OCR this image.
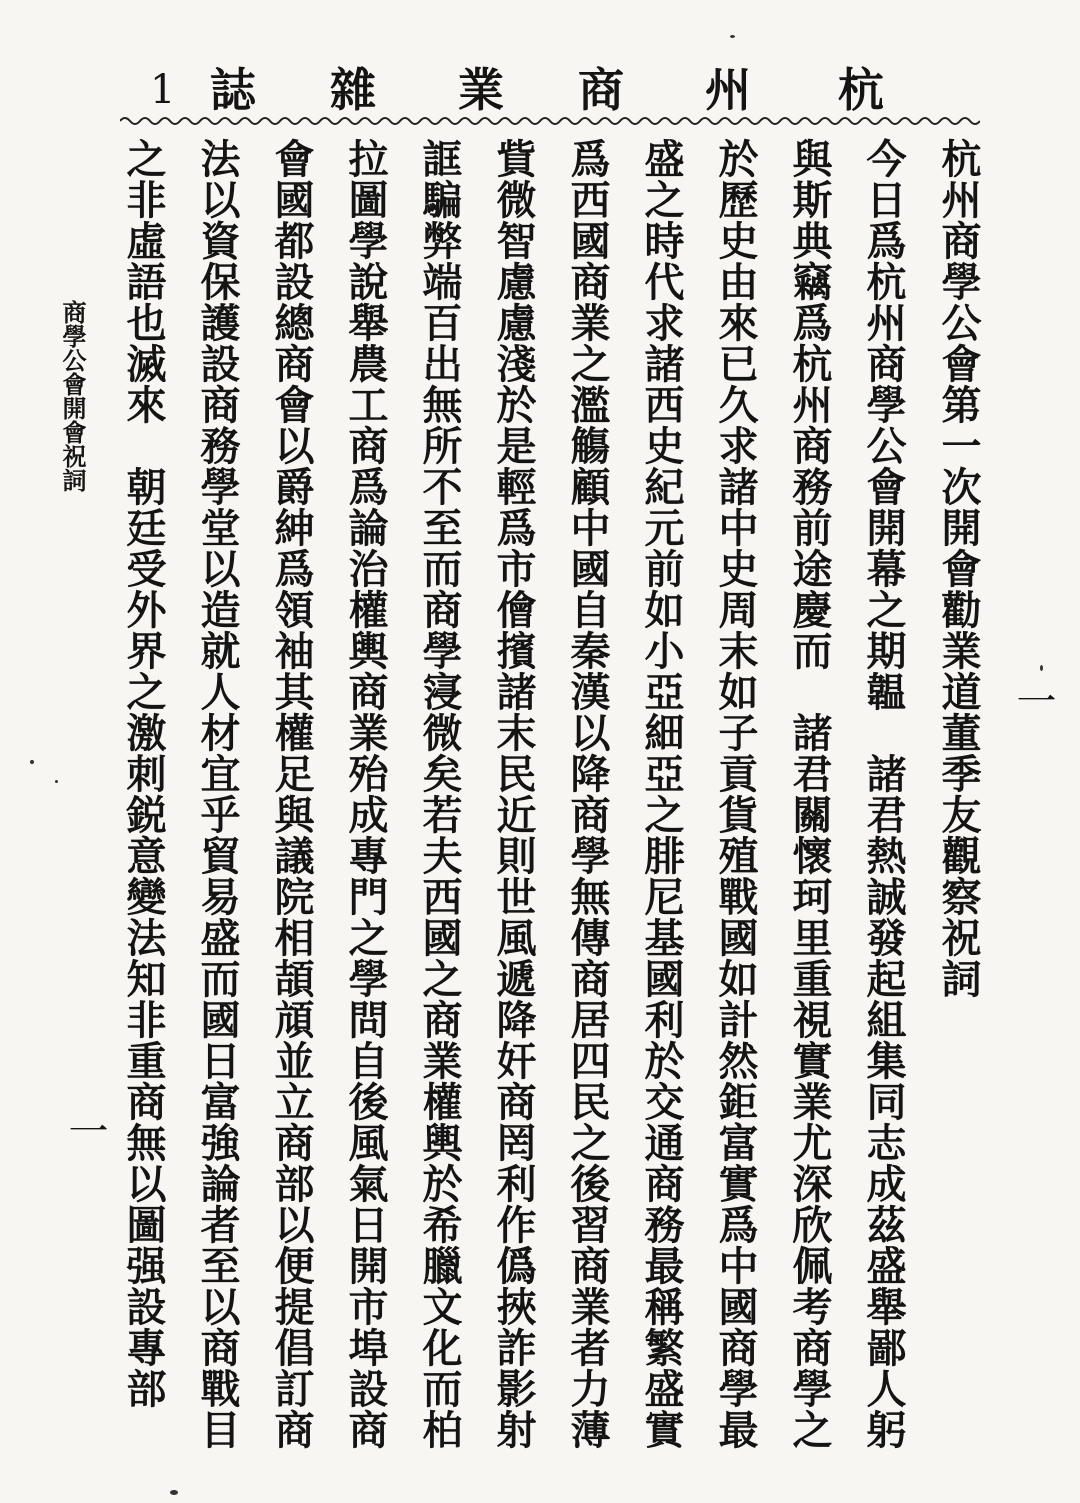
杭
州
商
業
雜
誌
1
杭州商學公會第一次開會勸業道董季友觀察祝詞
今日爲杭州商學公會開幕之期韞　諸君熱誠發起組集同志成茲盛舉鄙人躬
與斯典竊爲杭州商務前途慶而　諸君關懷珂里重視實業尤深欣佩考商學之
於歷史由來已久求諸中史周末如子貢貨殖戰國如計然鉅富實爲中國商學最
盛之時代求諸西史紀元前如小亞細亞之腓尼基國利於交通商務最稱繁盛實
爲西國商業之濫觴顧中國自秦漢以降商學無傳商居四民之後習商業者力薄
貲微智慮慮淺於是輕爲市儈擯諸末民近則世風遞降奸商罔利作僞挾詐影射
誆騙弊端百出無所不至而商學寖微矣若夫西國之商業權輿於希臘文化而柏
拉圖學說舉農工商爲論治權輿商業殆成專門之學問自後風氣日開市埠設商
會國都設總商會以爵紳爲領袖其權足與議院相頡頏並立商部以便提倡訂商
法以資保護設商務學堂以造就人材宜乎貿易盛而國日富強論者至以商戰目
之非虛語也滅來　朝廷受外界之激刺鋭意變法知非重商無以圖强設專部
商學公會開會祝詞
一
一
